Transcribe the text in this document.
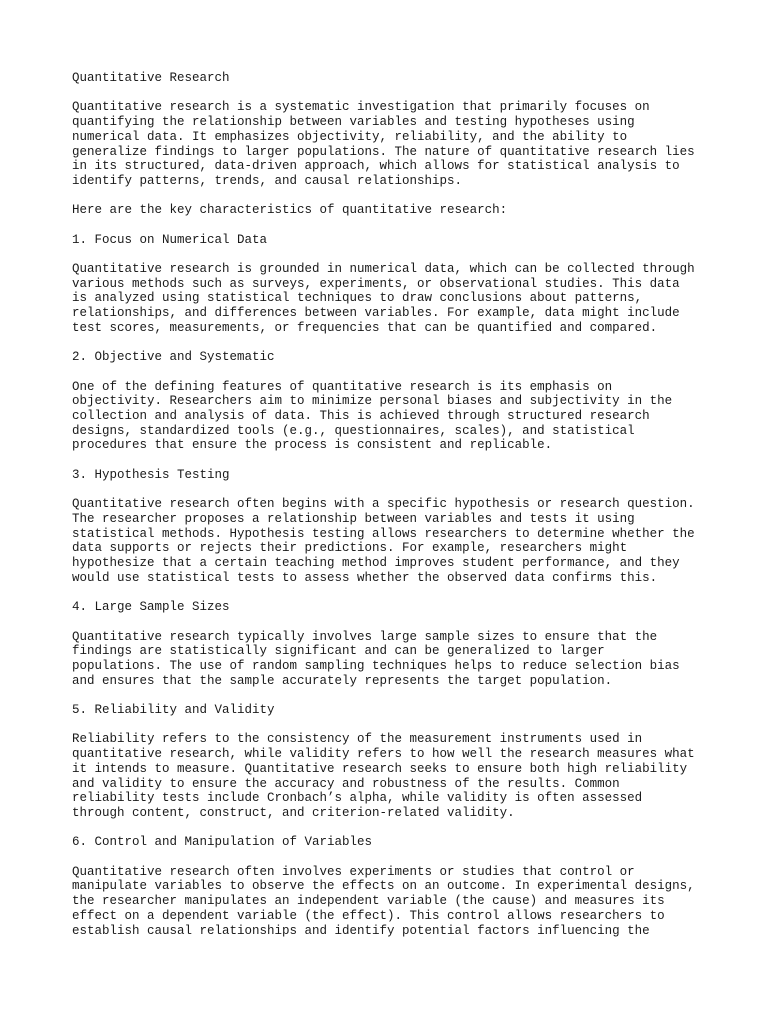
Quantitative Research

Quantitative research is a systematic investigation that primarily focuses on
quantifying the relationship between variables and testing hypotheses using
numerical data. It emphasizes objectivity, reliability, and the ability to
generalize findings to larger populations. The nature of quantitative research lies
in its structured, data-driven approach, which allows for statistical analysis to
identify patterns, trends, and causal relationships.

Here are the key characteristics of quantitative research:

1. Focus on Numerical Data

Quantitative research is grounded in numerical data, which can be collected through
various methods such as surveys, experiments, or observational studies. This data
is analyzed using statistical techniques to draw conclusions about patterns,
relationships, and differences between variables. For example, data might include
test scores, measurements, or frequencies that can be quantified and compared.

2. Objective and Systematic

One of the defining features of quantitative research is its emphasis on
objectivity. Researchers aim to minimize personal biases and subjectivity in the
collection and analysis of data. This is achieved through structured research
designs, standardized tools (e.g., questionnaires, scales), and statistical
procedures that ensure the process is consistent and replicable.

3. Hypothesis Testing

Quantitative research often begins with a specific hypothesis or research question.
The researcher proposes a relationship between variables and tests it using
statistical methods. Hypothesis testing allows researchers to determine whether the
data supports or rejects their predictions. For example, researchers might
hypothesize that a certain teaching method improves student performance, and they
would use statistical tests to assess whether the observed data confirms this.

4. Large Sample Sizes

Quantitative research typically involves large sample sizes to ensure that the
findings are statistically significant and can be generalized to larger
populations. The use of random sampling techniques helps to reduce selection bias
and ensures that the sample accurately represents the target population.

5. Reliability and Validity

Reliability refers to the consistency of the measurement instruments used in
quantitative research, while validity refers to how well the research measures what
it intends to measure. Quantitative research seeks to ensure both high reliability
and validity to ensure the accuracy and robustness of the results. Common
reliability tests include Cronbach’s alpha, while validity is often assessed
through content, construct, and criterion-related validity.

6. Control and Manipulation of Variables

Quantitative research often involves experiments or studies that control or
manipulate variables to observe the effects on an outcome. In experimental designs,
the researcher manipulates an independent variable (the cause) and measures its
effect on a dependent variable (the effect). This control allows researchers to
establish causal relationships and identify potential factors influencing the
